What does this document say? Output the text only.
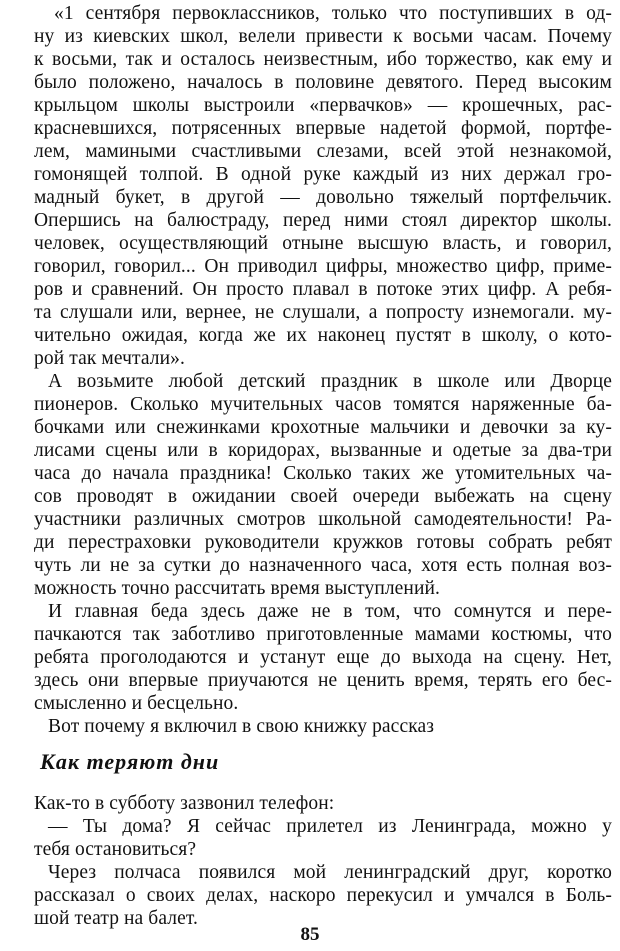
«1 сентября первоклассников, только что поступивших в од-
ну из киевских школ, велели привести к восьми часам. Почему
к восьми, так и осталось неизвестным, ибо торжество, как ему и
было положено, началось в половине девятого. Перед высоким
крыльцом школы выстроили «первачков» — крошечных, рас-
красневшихся, потрясенных впервые надетой формой, портфе-
лем, мамиными счастливыми слезами, всей этой незнакомой,
гомонящей толпой. В одной руке каждый из них держал гро-
мадный букет, в другой — довольно тяжелый портфельчик.
Опершись на балюстраду, перед ними стоял директор школы.
человек, осуществляющий отныне высшую власть, и говорил,
говорил, говорил... Он приводил цифры, множество цифр, приме-
ров и сравнений. Он просто плавал в потоке этих цифр. А ребя-
та слушали или, вернее, не слушали, а попросту изнемогали. му-
чительно ожидая, когда же их наконец пустят в школу, о кото-
рой так мечтали».
А возьмите любой детский праздник в школе или Дворце
пионеров. Сколько мучительных часов томятся наряженные ба-
бочками или снежинками крохотные мальчики и девочки за ку-
лисами сцены или в коридорах, вызванные и одетые за два-три
часа до начала праздника! Сколько таких же утомительных ча-
сов проводят в ожидании своей очереди выбежать на сцену
участники различных смотров школьной самодеятельности! Ра-
ди перестраховки руководители кружков готовы собрать ребят
чуть ли не за сутки до назначенного часа, хотя есть полная воз-
можность точно рассчитать время выступлений.
И главная беда здесь даже не в том, что сомнутся и пере-
пачкаются так заботливо приготовленные мамами костюмы, что
ребята проголодаются и устанут еще до выхода на сцену. Нет,
здесь они впервые приучаются не ценить время, терять его бес-
смысленно и бесцельно.
Вот почему я включил в свою книжку рассказ
Как теряют дни
Как-то в субботу зазвонил телефон:
— Ты дома? Я сейчас прилетел из Ленинграда, можно у
тебя остановиться?
Через полчаса появился мой ленинградский друг, коротко
рассказал о своих делах, наскоро перекусил и умчался в Боль-
шой театр на балет.
85
